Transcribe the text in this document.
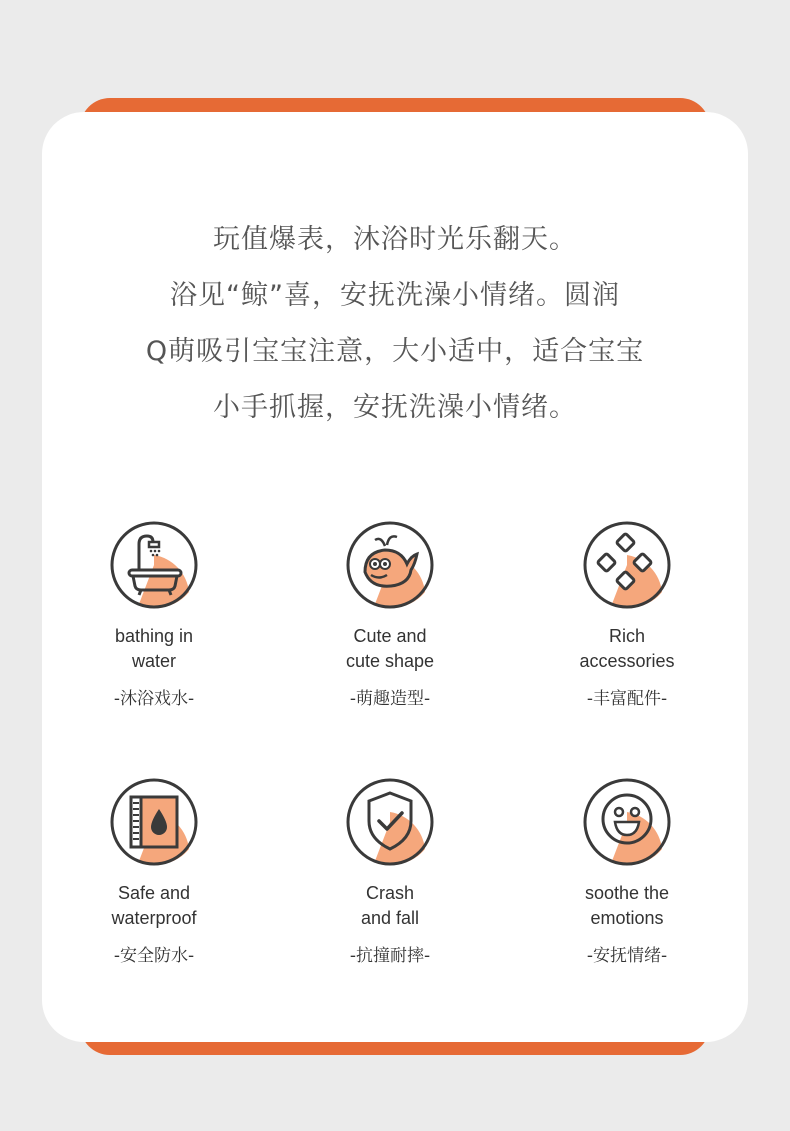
玩值爆表，沐浴时光乐翻天。
浴见“鲸”喜，安抚洗澡小情绪。圆润
Q萌吸引宝宝注意，大小适中，适合宝宝
小手抓握，安抚洗澡小情绪。
bathing in
water
-沐浴戏水-
Cute and
cute shape
-萌趣造型-
Rich
accessories
-丰富配件-
Safe and
waterproof
-安全防水-
Crash
and fall
-抗撞耐摔-
soothe the
emotions
-安抚情绪-
